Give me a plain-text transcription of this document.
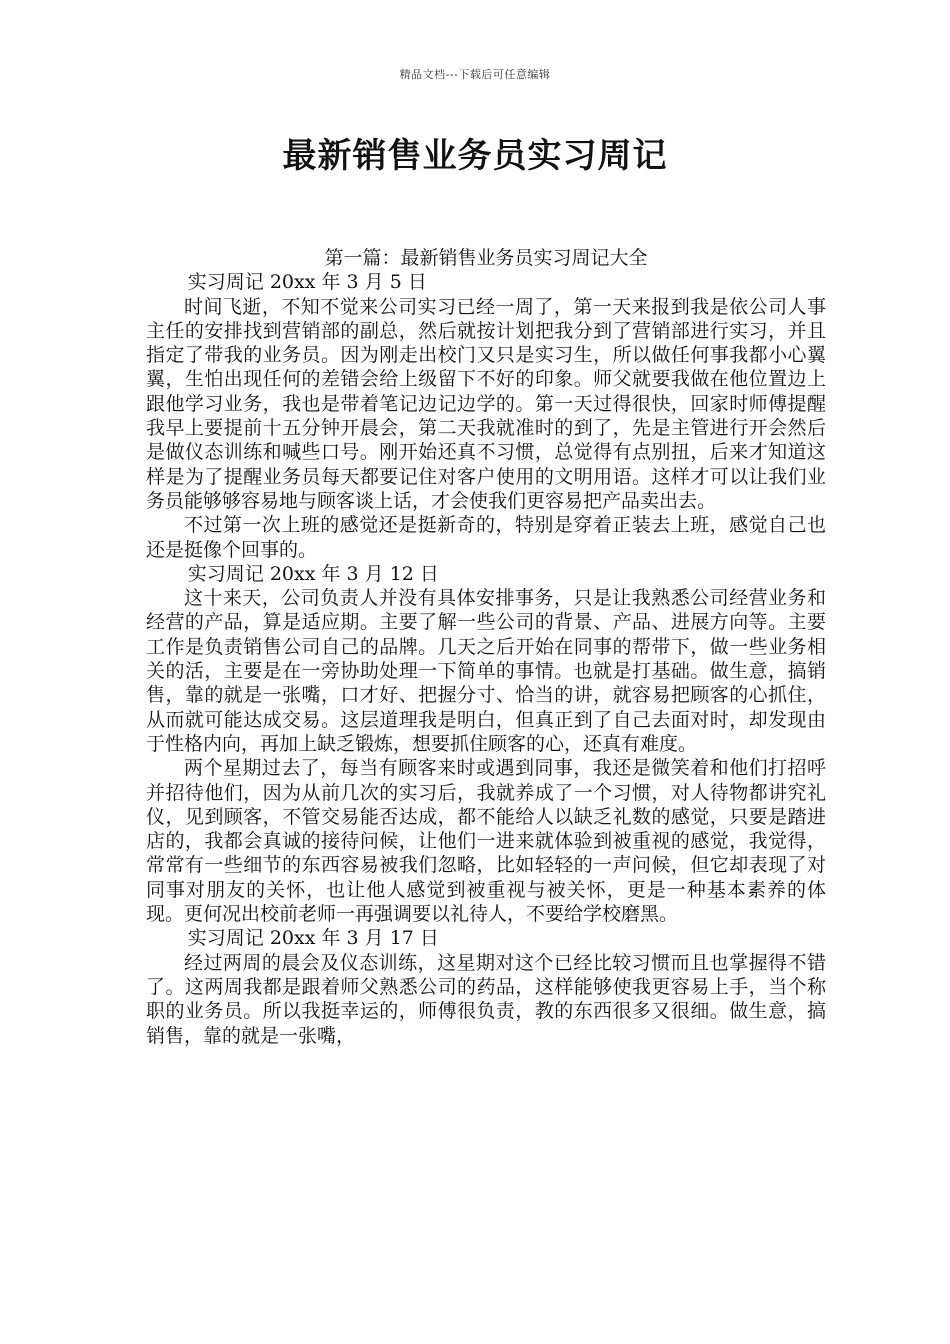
精品文档---下载后可任意编辑
最新销售业务员实习周记

第一篇：最新销售业务员实习周记大全

实习周记 20xx 年 3 月 5 日

时间飞逝，不知不觉来公司实习已经一周了，第一天来报到我是依公司人事主任的安排找到营销部的副总，然后就按计划把我分到了营销部进行实习，并且指定了带我的业务员。因为刚走出校门又只是实习生，所以做任何事我都小心翼翼，生怕出现任何的差错会给上级留下不好的印象。师父就要我做在他位置边上跟他学习业务，我也是带着笔记边记边学的。第一天过得很快，回家时师傅提醒我早上要提前十五分钟开晨会，第二天我就准时的到了，先是主管进行开会然后是做仪态训练和喊些口号。刚开始还真不习惯，总觉得有点别扭，后来才知道这样是为了提醒业务员每天都要记住对客户使用的文明用语。这样才可以让我们业务员能够够容易地与顾客谈上话，才会使我们更容易把产品卖出去。

不过第一次上班的感觉还是挺新奇的，特别是穿着正装去上班，感觉自己也还是挺像个回事的。

实习周记 20xx 年 3 月 12 日

这十来天，公司负责人并没有具体安排事务，只是让我熟悉公司经营业务和经营的产品，算是适应期。主要了解一些公司的背景、产品、进展方向等。主要工作是负责销售公司自己的品牌。几天之后开始在同事的帮带下，做一些业务相关的活，主要是在一旁协助处理一下简单的事情。也就是打基础。做生意，搞销售，靠的就是一张嘴，口才好、把握分寸、恰当的讲，就容易把顾客的心抓住，从而就可能达成交易。这层道理我是明白，但真正到了自己去面对时，却发现由于性格内向，再加上缺乏锻炼，想要抓住顾客的心，还真有难度。

两个星期过去了，每当有顾客来时或遇到同事，我还是微笑着和他们打招呼并招待他们，因为从前几次的实习后，我就养成了一个习惯，对人待物都讲究礼仪，见到顾客，不管交易能否达成，都不能给人以缺乏礼数的感觉，只要是踏进店的，我都会真诚的接待问候，让他们一进来就体验到被重视的感觉，我觉得，常常有一些细节的东西容易被我们忽略，比如轻轻的一声问候，但它却表现了对同事对朋友的关怀，也让他人感觉到被重视与被关怀，更是一种基本素养的体现。更何况出校前老师一再强调要以礼待人，不要给学校磨黑。

实习周记 20xx 年 3 月 17 日

经过两周的晨会及仪态训练，这星期对这个已经比较习惯而且也掌握得不错了。这两周我都是跟着师父熟悉公司的药品，这样能够使我更容易上手，当个称职的业务员。所以我挺幸运的，师傅很负责，教的东西很多又很细。做生意，搞销售，靠的就是一张嘴，
